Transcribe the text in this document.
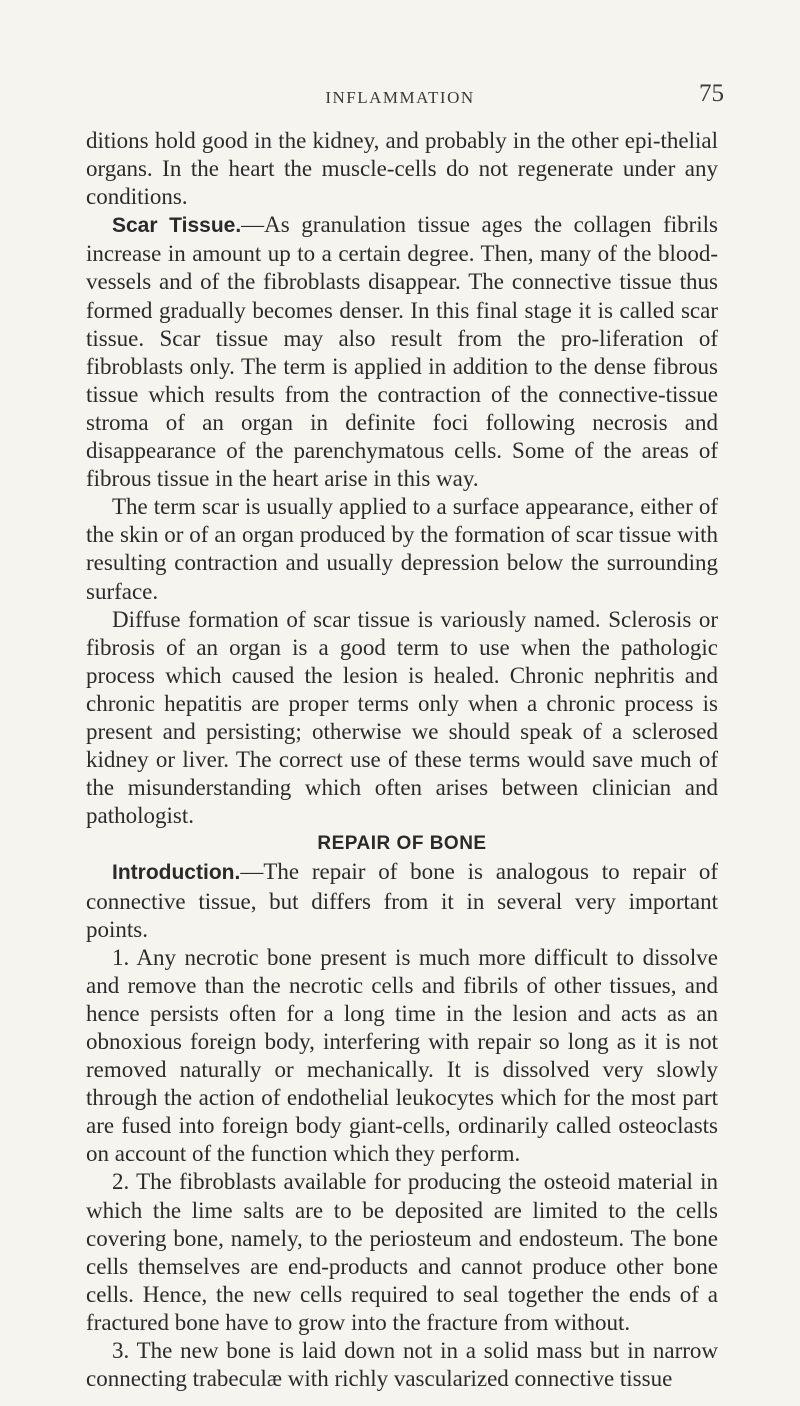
INFLAMMATION	75

ditions hold good in the kidney, and probably in the other epi-thelial organs. In the heart the muscle-cells do not regenerate under any conditions.

Scar Tissue.—As granulation tissue ages the collagen fibrils increase in amount up to a certain degree. Then, many of the blood-vessels and of the fibroblasts disappear. The connective tissue thus formed gradually becomes denser. In this final stage it is called scar tissue. Scar tissue may also result from the pro-liferation of fibroblasts only. The term is applied in addition to the dense fibrous tissue which results from the contraction of the connective-tissue stroma of an organ in definite foci following necrosis and disappearance of the parenchymatous cells. Some of the areas of fibrous tissue in the heart arise in this way.

The term scar is usually applied to a surface appearance, either of the skin or of an organ produced by the formation of scar tissue with resulting contraction and usually depression below the surrounding surface.

Diffuse formation of scar tissue is variously named. Sclerosis or fibrosis of an organ is a good term to use when the pathologic process which caused the lesion is healed. Chronic nephritis and chronic hepatitis are proper terms only when a chronic process is present and persisting; otherwise we should speak of a sclerosed kidney or liver. The correct use of these terms would save much of the misunderstanding which often arises between clinician and pathologist.

REPAIR OF BONE

Introduction.—The repair of bone is analogous to repair of connective tissue, but differs from it in several very important points.

1. Any necrotic bone present is much more difficult to dissolve and remove than the necrotic cells and fibrils of other tissues, and hence persists often for a long time in the lesion and acts as an obnoxious foreign body, interfering with repair so long as it is not removed naturally or mechanically. It is dissolved very slowly through the action of endothelial leukocytes which for the most part are fused into foreign body giant-cells, ordinarily called osteoclasts on account of the function which they perform.

2. The fibroblasts available for producing the osteoid material in which the lime salts are to be deposited are limited to the cells covering bone, namely, to the periosteum and endosteum. The bone cells themselves are end-products and cannot produce other bone cells. Hence, the new cells required to seal together the ends of a fractured bone have to grow into the fracture from without.

3. The new bone is laid down not in a solid mass but in narrow connecting trabeculæ with richly vascularized connective tissue
